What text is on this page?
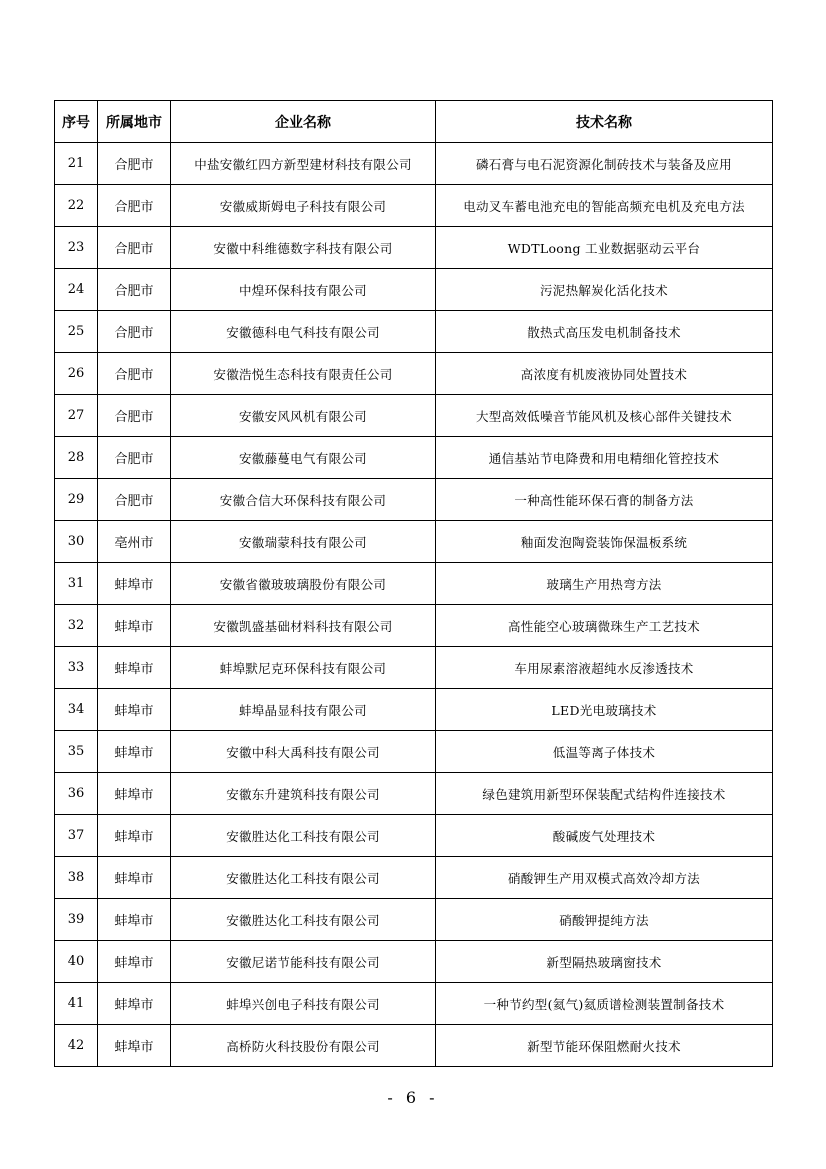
序号	所属地市	企业名称	技术名称
21	合肥市	中盐安徽红四方新型建材科技有限公司	磷石膏与电石泥资源化制砖技术与装备及应用
22	合肥市	安徽威斯姆电子科技有限公司	电动叉车蓄电池充电的智能高频充电机及充电方法
23	合肥市	安徽中科维德数字科技有限公司	WDTLoong 工业数据驱动云平台
24	合肥市	中煌环保科技有限公司	污泥热解炭化活化技术
25	合肥市	安徽德科电气科技有限公司	散热式高压发电机制备技术
26	合肥市	安徽浩悦生态科技有限责任公司	高浓度有机废液协同处置技术
27	合肥市	安徽安风风机有限公司	大型高效低噪音节能风机及核心部件关键技术
28	合肥市	安徽藤蔓电气有限公司	通信基站节电降费和用电精细化管控技术
29	合肥市	安徽合信大环保科技有限公司	一种高性能环保石膏的制备方法
30	亳州市	安徽瑞蒙科技有限公司	釉面发泡陶瓷装饰保温板系统
31	蚌埠市	安徽省徽玻玻璃股份有限公司	玻璃生产用热弯方法
32	蚌埠市	安徽凯盛基础材料科技有限公司	高性能空心玻璃微珠生产工艺技术
33	蚌埠市	蚌埠默尼克环保科技有限公司	车用尿素溶液超纯水反渗透技术
34	蚌埠市	蚌埠晶显科技有限公司	LED光电玻璃技术
35	蚌埠市	安徽中科大禹科技有限公司	低温等离子体技术
36	蚌埠市	安徽东升建筑科技有限公司	绿色建筑用新型环保装配式结构件连接技术
37	蚌埠市	安徽胜达化工科技有限公司	酸碱废气处理技术
38	蚌埠市	安徽胜达化工科技有限公司	硝酸钾生产用双模式高效冷却方法
39	蚌埠市	安徽胜达化工科技有限公司	硝酸钾提纯方法
40	蚌埠市	安徽尼诺节能科技有限公司	新型隔热玻璃窗技术
41	蚌埠市	蚌埠兴创电子科技有限公司	一种节约型(氦气)氦质谱检测装置制备技术
42	蚌埠市	高桥防火科技股份有限公司	新型节能环保阻燃耐火技术
- 6 -
